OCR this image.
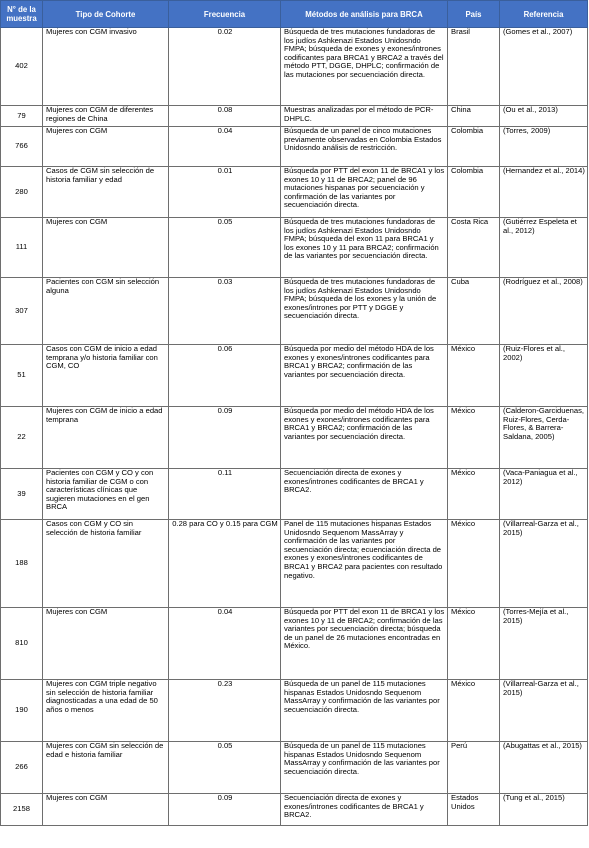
N° de la muestra	Tipo de Cohorte	Frecuencia	Métodos de análisis para BRCA	País	Referencia
402	Mujeres con CGM invasivo	0.02	Búsqueda de tres mutaciones fundadoras de los judíos Ashkenazi Estados Unidosndo FMPA; búsqueda de exones y exones/intrones codificantes para BRCA1 y BRCA2 a través del método PTT, DGGE, DHPLC; confirmación de las mutaciones por secuenciación directa.	Brasil	(Gomes et al., 2007)
79	Mujeres con CGM de diferentes regiones de China	0.08	Muestras analizadas por el método de PCR-DHPLC.	China	(Ou et al., 2013)
766	Mujeres con CGM	0.04	Búsqueda de un panel de cinco mutaciones previamente observadas en Colombia Estados Unidosndo análisis de restricción.	Colombia	(Torres, 2009)
280	Casos de CGM sin selección de historia familiar y edad	0.01	Búsqueda por PTT del exon 11 de BRCA1 y los exones 10 y 11 de BRCA2; panel de 96 mutaciones hispanas por secuenciación y confirmación de las variantes por secuenciación directa.	Colombia	(Hernandez et al., 2014)
111	Mujeres con CGM	0.05	Búsqueda de tres mutaciones fundadoras de los judíos Ashkenazi Estados Unidosndo FMPA; búsqueda del exon 11 para BRCA1 y los exones 10 y 11 para BRCA2; confirmación de las variantes por secuenciación directa.	Costa Rica	(Gutiérrez Espeleta et al., 2012)
307	Pacientes con CGM sin selección alguna	0.03	Búsqueda de tres mutaciones fundadoras de los judíos Ashkenazi Estados Unidosndo FMPA; búsqueda de los exones y la unión de exones/intrones por PTT y DGGE y secuenciación directa.	Cuba	(Rodríguez et al., 2008)
51	Casos con CGM de inicio a edad temprana y/o historia familiar con CGM, CO	0.06	Búsqueda por medio del método HDA de los exones y exones/intrones codificantes para BRCA1 y BRCA2; confirmación de las variantes por secuenciación directa.	México	(Ruiz-Flores et al., 2002)
22	Mujeres con CGM de inicio a edad temprana	0.09	Búsqueda por medio del método HDA de los exones y exones/intrones codificantes para BRCA1 y BRCA2; confirmación de las variantes por secuenciación directa.	México	(Calderon-Garciduenas, Ruiz-Flores, Cerda-Flores, & Barrera-Saldana, 2005)
39	Pacientes con CGM y CO y con historia familiar de CGM o con características clínicas que sugieren mutaciones en el gen BRCA	0.11	Secuenciación directa de exones y exones/intrones codificantes de BRCA1 y BRCA2.	México	(Vaca-Paniagua et al., 2012)
188	Casos con CGM y CO sin selección de historia familiar	0.28 para CO y 0.15 para CGM	Panel de 115 mutaciones hispanas Estados Unidosndo Sequenom MassArray y confirmación de las variantes por secuenciación directa; ecuenciación directa de exones y exones/intrones codificantes de BRCA1 y BRCA2 para pacientes con resultado negativo.	México	(Villarreal-Garza et al., 2015)
810	Mujeres con CGM	0.04	Búsqueda por PTT del exon 11 de BRCA1 y los exones 10 y 11 de BRCA2; confirmación de las variantes por secuenciación directa; búsqueda de un panel de 26 mutaciones encontradas en México.	México	(Torres-Mejía et al., 2015)
190	Mujeres con CGM triple negativo sin selección de historia familiar diagnosticadas a una edad de 50 años o menos	0.23	Búsqueda de un panel de 115 mutaciones hispanas Estados Unidosndo Sequenom MassArray y confirmación de las variantes por secuenciación directa.	México	(Villarreal-Garza et al., 2015)
266	Mujeres con CGM sin selección de edad e historia familiar	0.05	Búsqueda de un panel de 115 mutaciones hispanas Estados Unidosndo Sequenom MassArray y confirmación de las variantes por secuenciación directa.	Perú	(Abugattas et al., 2015)
2158	Mujeres con CGM	0.09	Secuenciación directa de exones y exones/intrones codificantes de BRCA1 y BRCA2.	Estados Unidos	(Tung et al., 2015)
